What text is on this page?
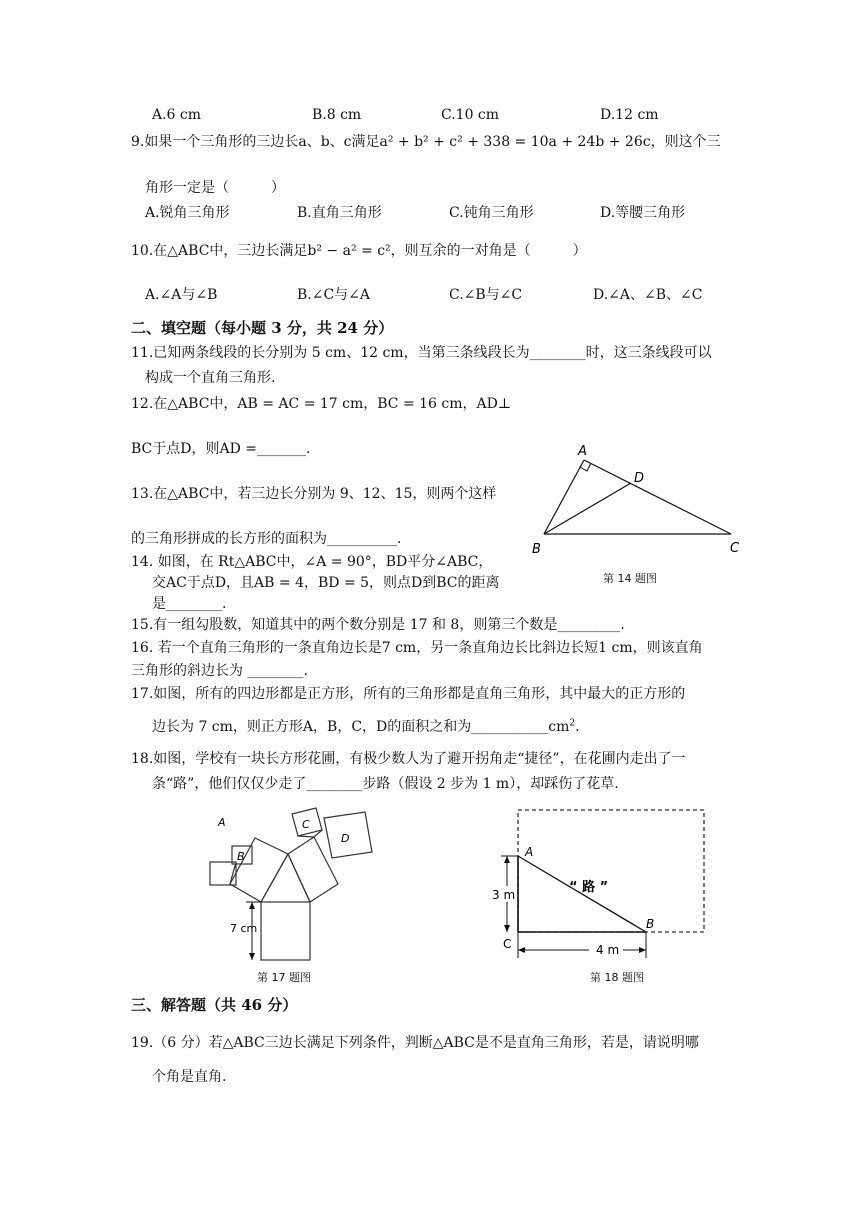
A.6 cm	B.8 cm	C.10 cm	D.12 cm
9.如果一个三角形的三边长a、b、c满足a² + b² + c² + 338 = 10a + 24b + 26c，则这个三
角形一定是（　　　）
A.锐角三角形	B.直角三角形	C.钝角三角形	D.等腰三角形
10.在△ABC中，三边长满足b² − a² = c²，则互余的一对角是（　　　）
A.∠A与∠B	B.∠C与∠A	C.∠B与∠C	D.∠A、∠B、∠C
二、填空题（每小题 3 分，共 24 分）
11.已知两条线段的长分别为 5 cm、12 cm，当第三条线段长为________时，这三条线段可以
构成一个直角三角形.
12.在△ABC中，AB = AC = 17 cm，BC = 16 cm，AD⊥
BC于点D，则AD =_______.
13.在△ABC中，若三边长分别为 9、12、15，则两个这样
的三角形拼成的长方形的面积为__________.
14. 如图，在 Rt△ABC中，∠A = 90°，BD平分∠ABC，
交AC于点D，且AB = 4，BD = 5，则点D到BC的距离
是________.
A
D
B	C
第 14 题图
15.有一组勾股数，知道其中的两个数分别是 17 和 8，则第三个数是_________.
16. 若一个直角三角形的一条直角边长是7 cm，另一条直角边长比斜边长短1 cm，则该直角
三角形的斜边长为 ________.
17.如图，所有的四边形都是正方形，所有的三角形都是直角三角形，其中最大的正方形的
边长为 7 cm，则正方形A，B，C，D的面积之和为$\_\_\_\_\_\_\_\_\_\_\_cm^2$.
18.如图，学校有一块长方形花圃，有极少数人为了避开拐角走“捷径”，在花圃内走出了一
条“路”，他们仅仅少走了________步路（假设 2 步为 1 m），却踩伤了花草.
A
B
C
D
7 cm
第 17 题图
A
B
C
3 m
4 m
“ 路 ”
第 18 题图
三、解答题（共 46 分）
19.（6 分）若△ABC三边长满足下列条件，判断△ABC是不是直角三角形，若是，请说明哪
个角是直角.
